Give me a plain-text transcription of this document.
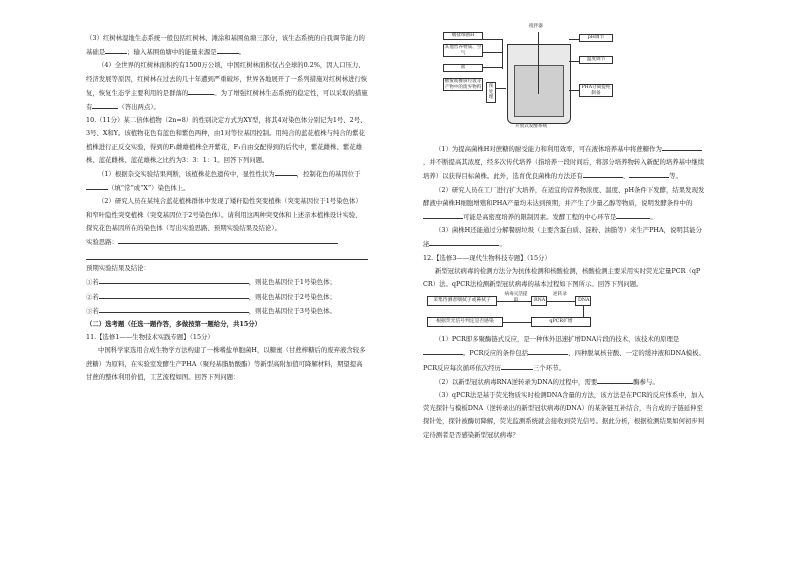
（3）红树林湿地生态系统一般包括红树林、滩涂和基围鱼塘三部分，该生态系统的自我调节能力的基础是	；输入基围鱼塘中的能量来源是	。

（4）全世界的红树林面积约有1500万公顷，中国红树林面积仅占全球的0.2%，因人口压力、经济发展等原因，红树林在过去的几十年遭到严重破坏，世界各地展开了一系列措施对红树林进行恢复，恢复生态学主要利用的是群落的	。为了增强红树林生态系统的稳定性，可以采取的措施有	（答出两点）。

10.（11分）某二倍体植物（2n=8）的性别决定方式为XY型，将其4对染色体分别记为1号、2号、3号、X和Y。该植物花色有蓝色和紫色两种，由1对等位基因控制。用纯合的蓝花植株与纯合的紫花植株进行正反交实验，得到的F₁雌雄植株全开紫花，F₁自由交配得到的后代中，紫花雌株、紫花雄株、蓝花雌株、蓝花雄株之比约为3：3：1：1。回答下列问题。

（1）根据杂交实验结果判断，该植株花色遗传中，显性性状为	，控制花色的基因位于（填“常”或“X”）染色体上。

（2）研究人员在某纯合蓝花植株群体中发现了矮秆隐性突变植株（突变基因位于1号染色体）和窄叶隐性突变植株（突变基因位于2号染色体）。请利用这两种突变体和上述亲本植株设计实验，探究花色基因所在的染色体（写出实验思路、预期实验结果及结论）。

实验思路：

预期实验结果及结论：

①若	，则花色基因位于1号染色体；

②若	，则花色基因位于2号染色体；

③若	，则花色基因位于3号染色体。

（二）选考题（任选一题作答，多做按第一题给分，共15分）

11.【选修1——生物技术实践专题】（15分）

中国科学家选用合成生物学方法构建了一株嗜盐单胞菌H，以糖蜜（甘蔗榨糖后的废弃液含较多蔗糖）为原料，在实验室发酵生产PHA（聚羟基脂肪酸酯）等新型高附加值可降解材料，期望提高甘蔗的整体利用价值，工艺流程如图。回答下列问题：

嗜盐细菌H
其他营养物质、空气
盐
糖蜜或餐厨垃圾等产物中的废弃物料	预处理
搅拌器
pH调节
温度调节
PHA分离提纯制备
开放式发酵系统

（1）为提高菌株H对蔗糖的耐受能力和利用效率，可在液体培养基中将蔗糖作为，并不断提高其浓度，经多次传代培养（指培养一段时间后，将部分培养物转入新配的培养基中继续培养）以获得目标菌株。此外，选育优良菌株的方法还有	、	等。

（2）研究人员在工厂进行扩大培养，在适宜的营养物浓度、温度、pH条件下发酵，结果发现发酵液中菌株H细胞增殖和PHA产量均未达到预期，并产生了少量乙醇等物质，说明发酵条件中的可能是高密度培养的限制因素。发酵工程的中心环节是	。

（3）菌株H还能通过分解餐厨垃圾（主要含蛋白质、淀粉、油脂等）来生产PHA，说明其能分泌	。

12.【选修3——现代生物科技专题】（15分）

新型冠状病毒的检测方法分为抗体检测和核酸检测，核酸检测主要采用实时荧光定量PCR（qPCR）法。qPCR法检测新型冠状病毒的基本过程如下图所示。回答下列问题。

采集待测者咽拭子或鼻拭子
病毒灭活提取	RNA
逆转录
DNA
根据荧光信号判定是否感染	qPCR扩增

（1）PCR即多聚酶链式反应，是一种体外迅速扩增DNA片段的技术，该技术的原理是。PCR反应的条件包括	、四种脱氧核苷酸、一定的缓冲液和DNA模板。PCR反应每次循环依次经历	三个环节。

（2）以新型冠状病毒RNA逆转录为DNA的过程中，需要	酶参与。

（3）qPCR法是基于荧光物质实时检测DNA含量的方法，该方法是在PCR的反应体系中，加入荧光探针与模板DNA（逆转录出的新型冠状病毒的DNA）的某条链互补结合，当合成的子链延伸至探针处，探针被酶切降解，荧光监测系统就会接收到荧光信号。据此分析，根据检测结果如何初步判定待测者是否感染新型冠状病毒？
